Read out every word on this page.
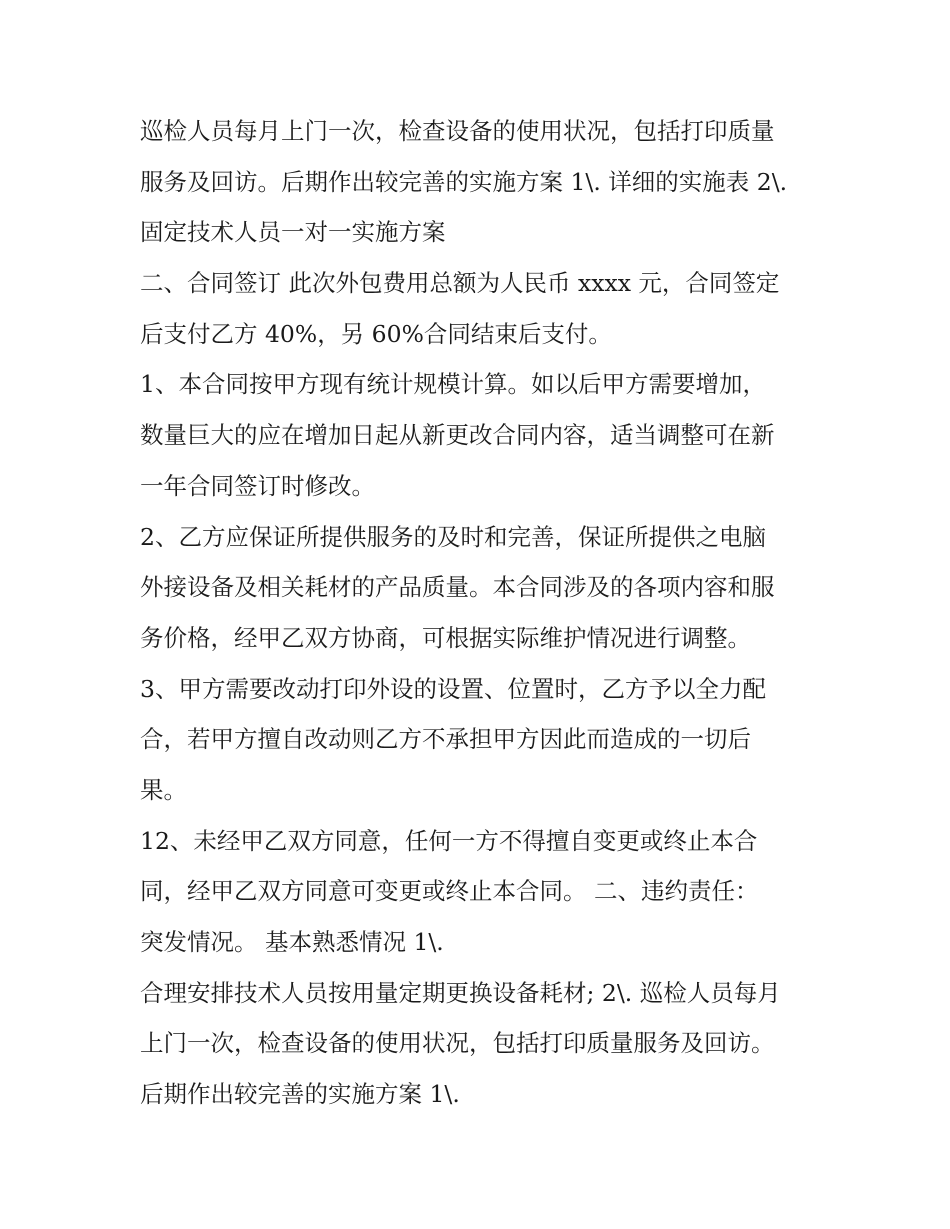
巡检人员每月上门一次，检查设备的使用状况，包括打印质量
服务及回访。后期作出较完善的实施方案 1\. 详细的实施表 2\.
固定技术人员一对一实施方案
二、合同签订 此次外包费用总额为人民币 xxxx 元，合同签定
后支付乙方 40%，另 60%合同结束后支付。
1、本合同按甲方现有统计规模计算。如以后甲方需要增加，
数量巨大的应在增加日起从新更改合同内容，适当调整可在新
一年合同签订时修改。
2、乙方应保证所提供服务的及时和完善，保证所提供之电脑
外接设备及相关耗材的产品质量。本合同涉及的各项内容和服
务价格，经甲乙双方协商，可根据实际维护情况进行调整。
3、甲方需要改动打印外设的设置、位置时，乙方予以全力配
合，若甲方擅自改动则乙方不承担甲方因此而造成的一切后
果。
12、未经甲乙双方同意，任何一方不得擅自变更或终止本合
同，经甲乙双方同意可变更或终止本合同。 二、违约责任：
突发情况。 基本熟悉情况 1\.
合理安排技术人员按用量定期更换设备耗材; 2\. 巡检人员每月
上门一次，检查设备的使用状况，包括打印质量服务及回访。
后期作出较完善的实施方案 1\.
